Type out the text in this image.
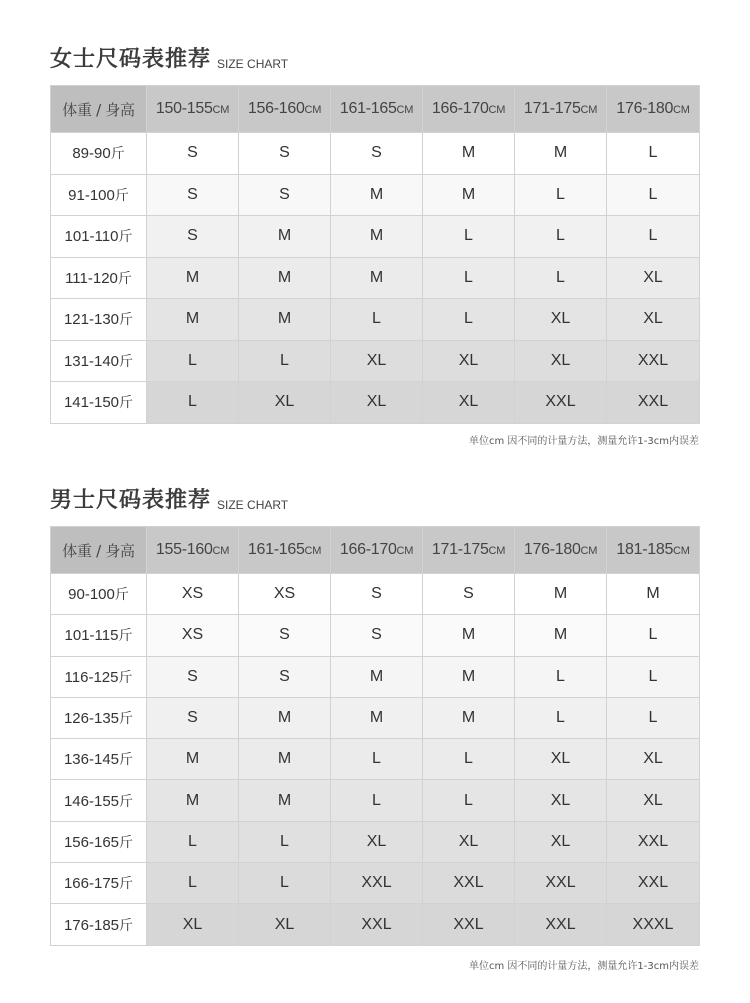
女士尺码表推荐 SIZE CHART
体重 / 身高	150-155CM	156-160CM	161-165CM	166-170CM	171-175CM	176-180CM
89-90斤	S	S	S	M	M	L
91-100斤	S	S	M	M	L	L
101-110斤	S	M	M	L	L	L
111-120斤	M	M	M	L	L	XL
121-130斤	M	M	L	L	XL	XL
131-140斤	L	L	XL	XL	XL	XXL
141-150斤	L	XL	XL	XL	XXL	XXL
单位cm 因不同的计量方法，测量允许1-3cm内误差
男士尺码表推荐 SIZE CHART
体重 / 身高	155-160CM	161-165CM	166-170CM	171-175CM	176-180CM	181-185CM
90-100斤	XS	XS	S	S	M	M
101-115斤	XS	S	S	M	M	L
116-125斤	S	S	M	M	L	L
126-135斤	S	M	M	M	L	L
136-145斤	M	M	L	L	XL	XL
146-155斤	M	M	L	L	XL	XL
156-165斤	L	L	XL	XL	XL	XXL
166-175斤	L	L	XXL	XXL	XXL	XXL
176-185斤	XL	XL	XXL	XXL	XXL	XXXL
单位cm 因不同的计量方法，测量允许1-3cm内误差
